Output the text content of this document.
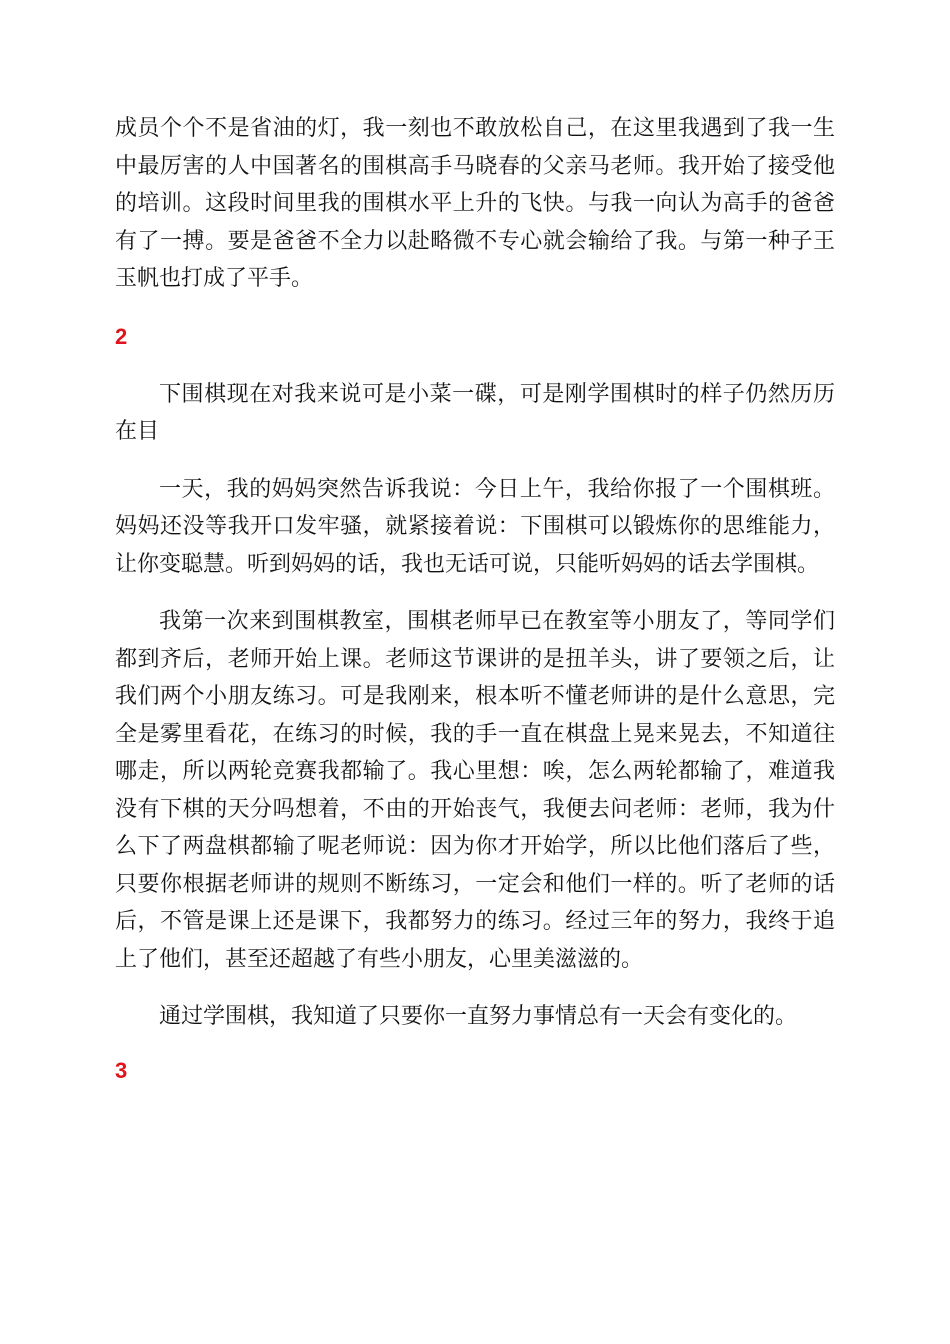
成员个个不是省油的灯，我一刻也不敢放松自己，在这里我遇到了我一生中最厉害的人中国著名的围棋高手马晓春的父亲马老师。我开始了接受他的培训。这段时间里我的围棋水平上升的飞快。与我一向认为高手的爸爸有了一搏。要是爸爸不全力以赴略微不专心就会输给了我。与第一种子王玉帆也打成了平手。

2

下围棋现在对我来说可是小菜一碟，可是刚学围棋时的样子仍然历历在目

一天，我的妈妈突然告诉我说：今日上午，我给你报了一个围棋班。妈妈还没等我开口发牢骚，就紧接着说：下围棋可以锻炼你的思维能力，让你变聪慧。听到妈妈的话，我也无话可说，只能听妈妈的话去学围棋。

我第一次来到围棋教室，围棋老师早已在教室等小朋友了，等同学们都到齐后，老师开始上课。老师这节课讲的是扭羊头，讲了要领之后，让我们两个小朋友练习。可是我刚来，根本听不懂老师讲的是什么意思，完全是雾里看花，在练习的时候，我的手一直在棋盘上晃来晃去，不知道往哪走，所以两轮竞赛我都输了。我心里想：唉，怎么两轮都输了，难道我没有下棋的天分吗想着，不由的开始丧气，我便去问老师：老师，我为什么下了两盘棋都输了呢老师说：因为你才开始学，所以比他们落后了些，只要你根据老师讲的规则不断练习，一定会和他们一样的。听了老师的话后，不管是课上还是课下，我都努力的练习。经过三年的努力，我终于追上了他们，甚至还超越了有些小朋友，心里美滋滋的。

通过学围棋，我知道了只要你一直努力事情总有一天会有变化的。

3
